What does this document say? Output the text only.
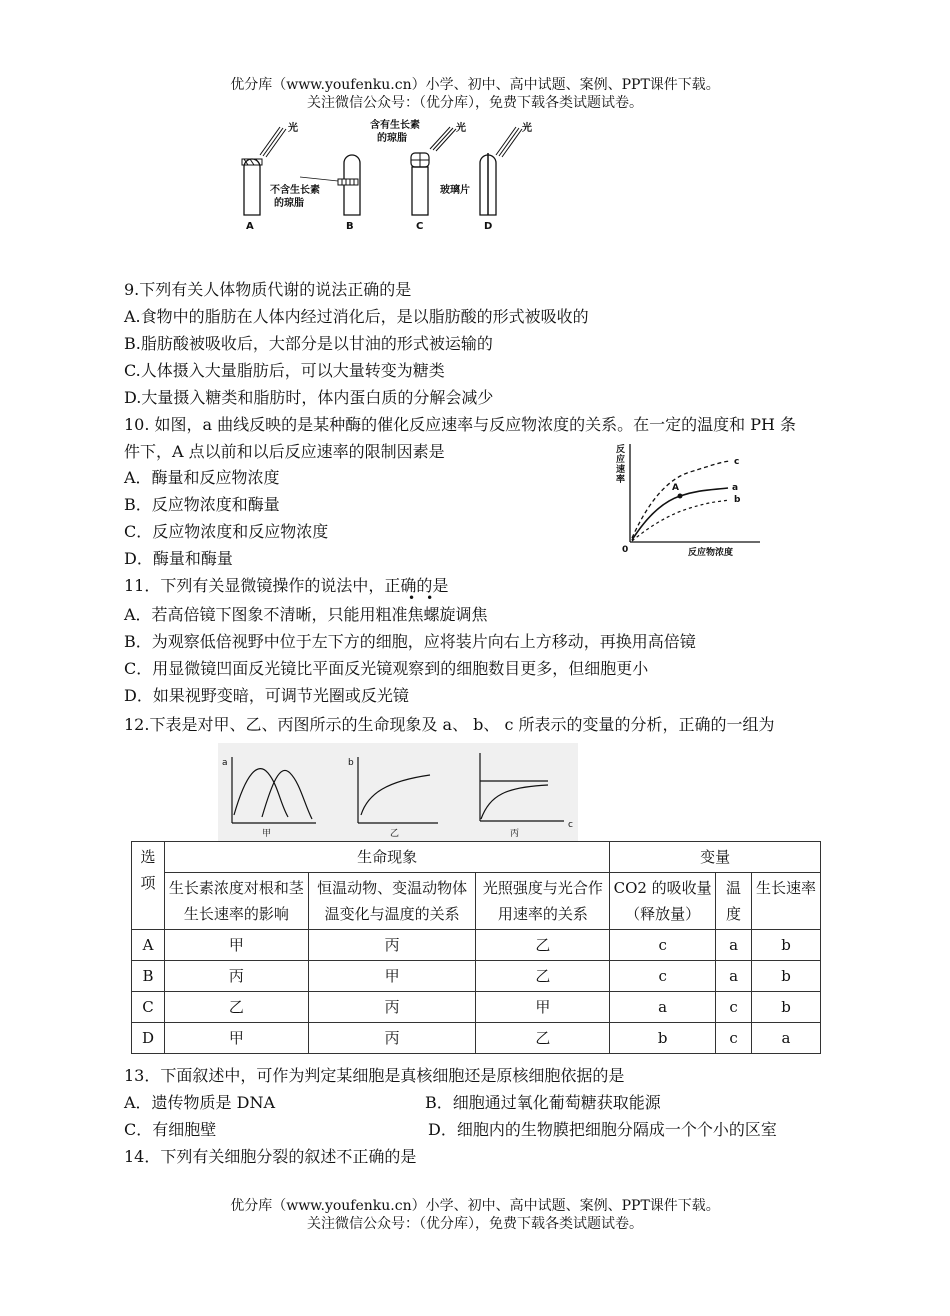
优分库（www.youfenku.cn）小学、初中、高中试题、案例、PPT课件下载。
关注微信公众号：（优分库），免费下载各类试题试卷。
光
不含生长素
的琼脂
含有生长素
的琼脂
光	光
玻璃片
A	B	C	D
9.下列有关人体物质代谢的说法正确的是
A.食物中的脂肪在人体内经过消化后，是以脂肪酸的形式被吸收的
B.脂肪酸被吸收后，大部分是以甘油的形式被运输的
C.人体摄入大量脂肪后，可以大量转变为糖类
D.大量摄入糖类和脂肪时，体内蛋白质的分解会减少
10. 如图，a 曲线反映的是某种酶的催化反应速率与反应物浓度的关系。在一定的温度和 PH 条
件下，A 点以前和以后反应速率的限制因素是
A．酶量和反应物浓度
B．反应物浓度和酶量
C．反应物浓度和反应物浓度
D．酶量和酶量
反
应
速
率
A
c
a
b
0	反应物浓度
11．下列有关显微镜操作的说法中，正确的是
••
A．若高倍镜下图象不清晰，只能用粗准焦螺旋调焦
B．为观察低倍视野中位于左下方的细胞，应将装片向右上方移动，再换用高倍镜
C．用显微镜凹面反光镜比平面反光镜观察到的细胞数目更多，但细胞更小
D．如果视野变暗，可调节光圈或反光镜
12.下表是对甲、乙、丙图所示的生命现象及 a、 b、 c 所表示的变量的分析，正确的一组为
a
甲
b
乙
c
丙
选项	生命现象			变量		
	生长素浓度对根和茎生长速率的影响	恒温动物、变温动物体温变化与温度的关系	光照强度与光合作用速率的关系	CO2 的吸收量（释放量）	温度	生长速率
A	甲	丙	乙	c	a	b
B	丙	甲	乙	c	a	b
C	乙	丙	甲	a	c	b
D	甲	丙	乙	b	c	a
13．下面叙述中，可作为判定某细胞是真核细胞还是原核细胞依据的是
A．遗传物质是 DNA	B．细胞通过氧化葡萄糖获取能源
C．有细胞壁	D．细胞内的生物膜把细胞分隔成一个个小的区室
14．下列有关细胞分裂的叙述不正确的是
优分库（www.youfenku.cn）小学、初中、高中试题、案例、PPT课件下载。
关注微信公众号：（优分库），免费下载各类试题试卷。
